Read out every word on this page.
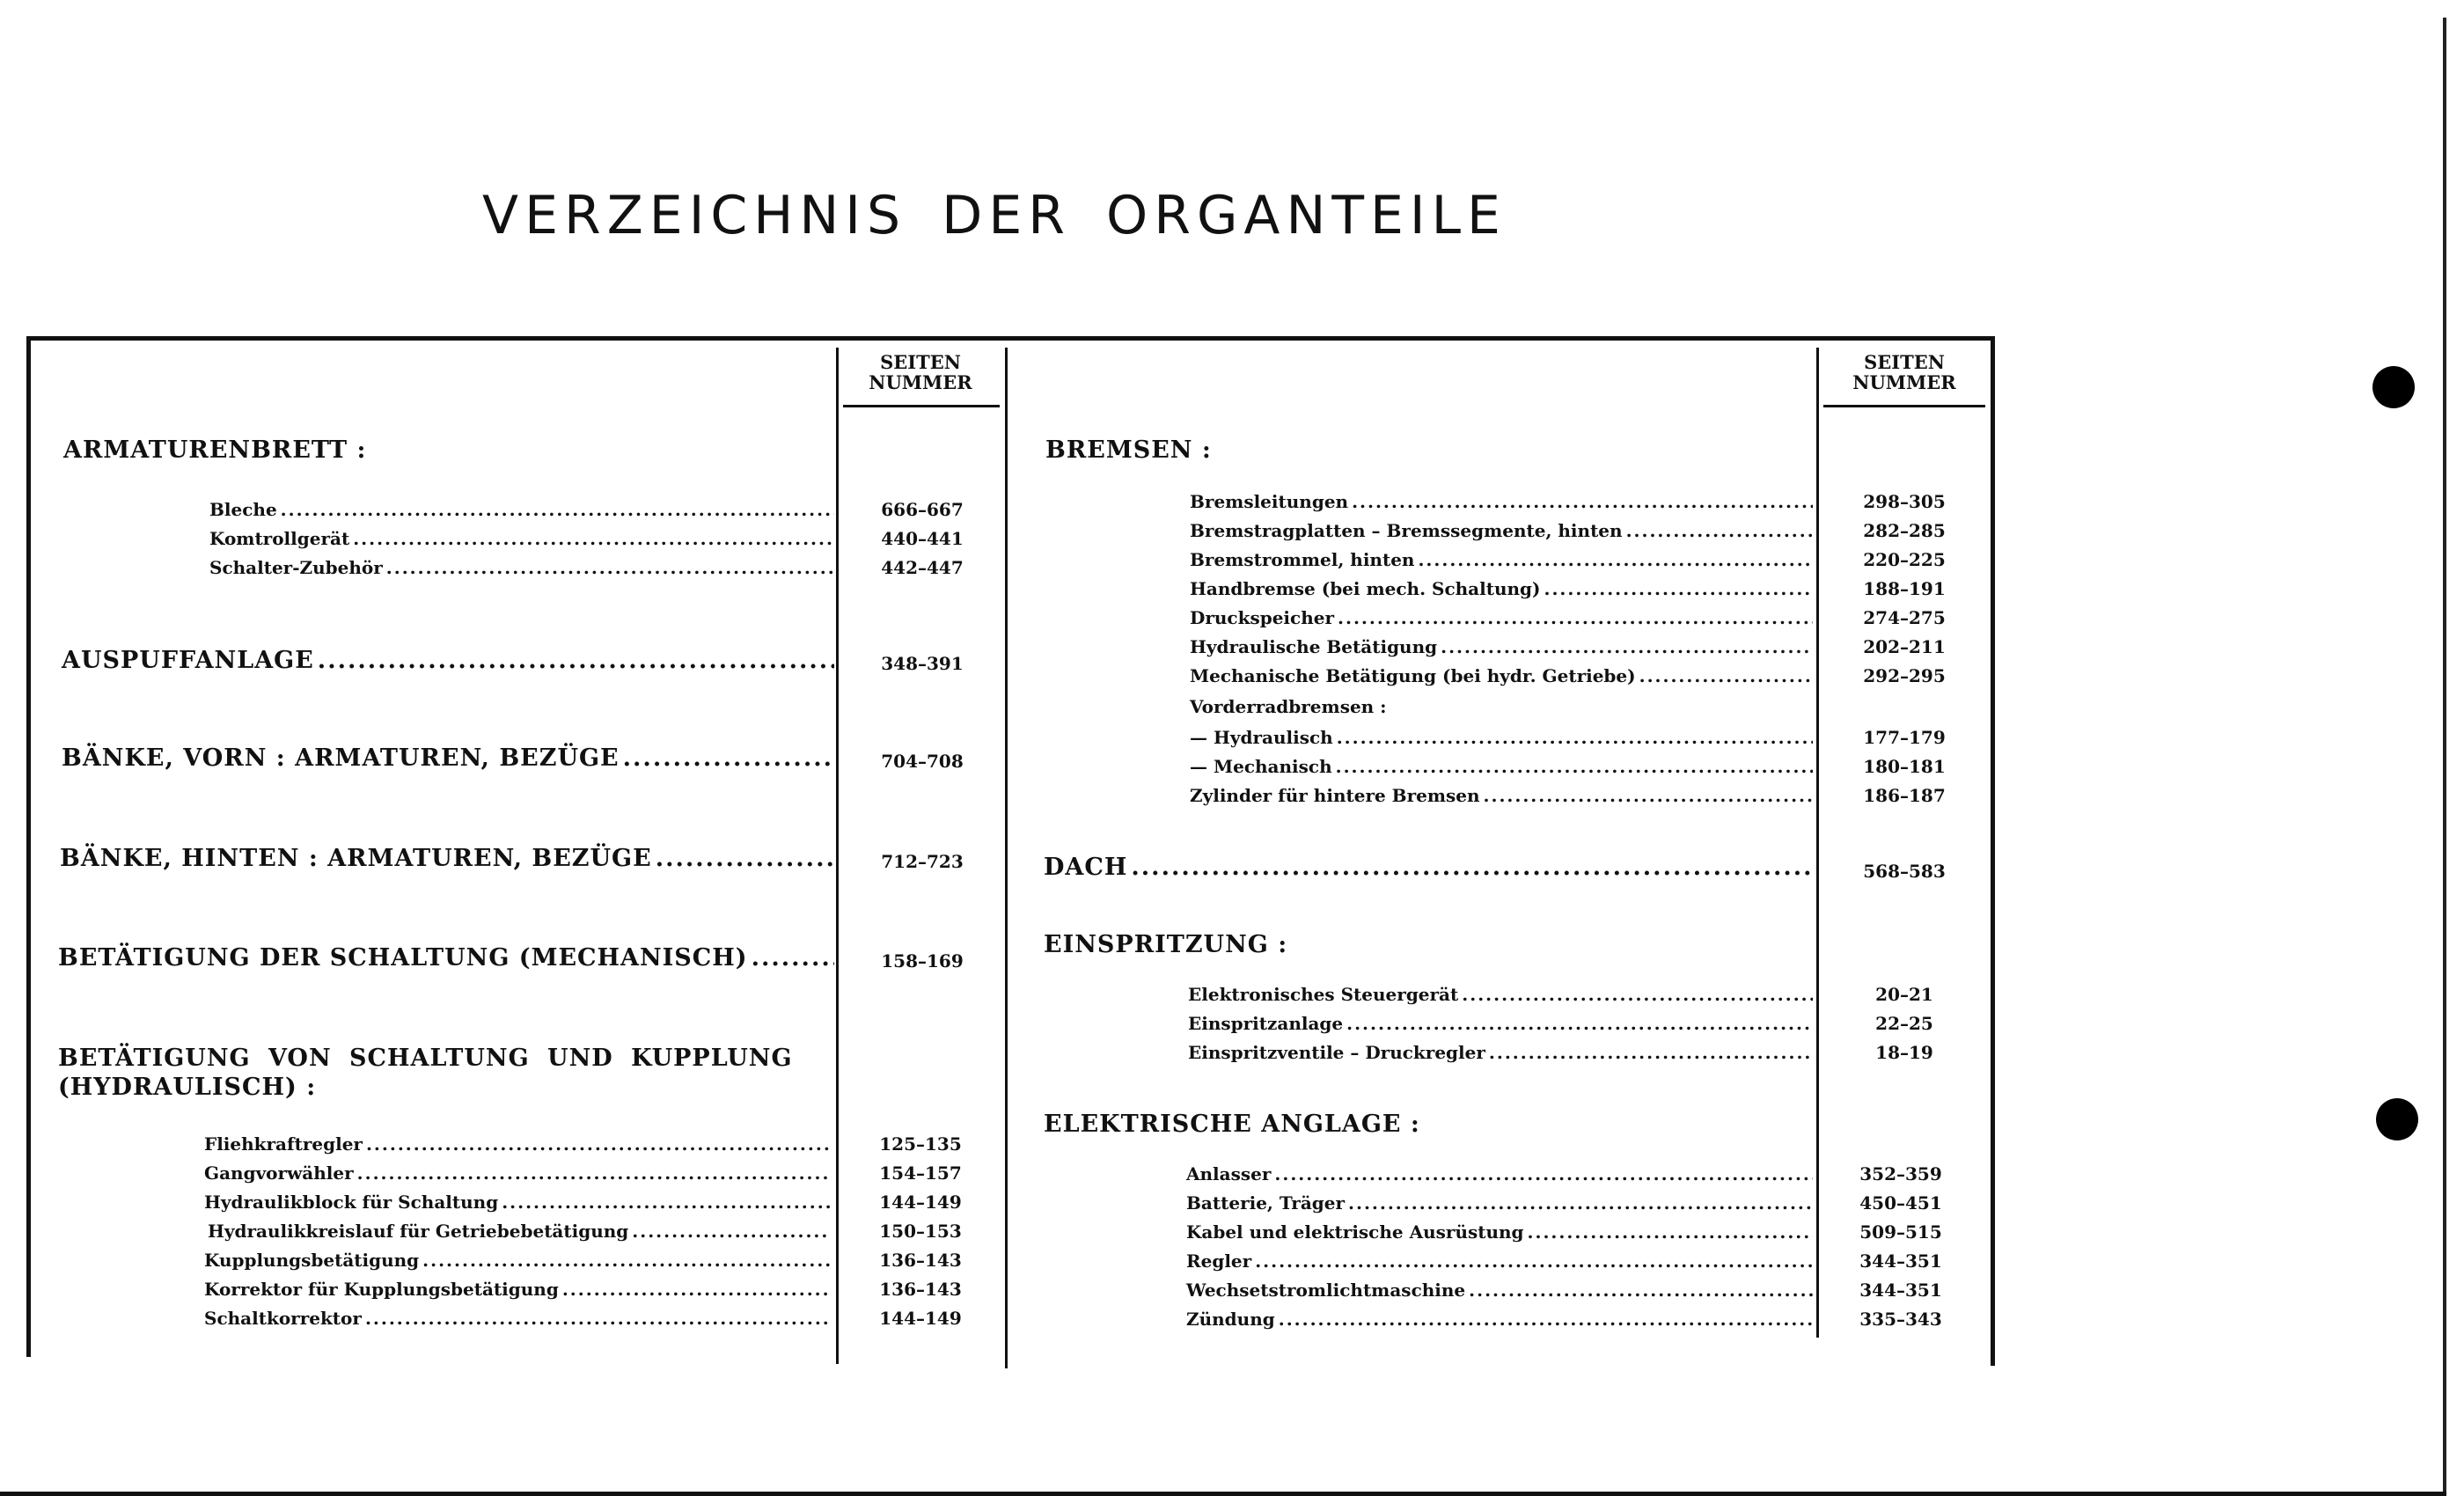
VERZEICHNIS DER ORGANTEILE
SEITEN
NUMMER
SEITEN
NUMMER
ARMATURENBRETT :
Bleche .....	666–667
Komtrollgerät .....	440–441
Schalter-Zubehör .....	442–447
AUSPUFFANLAGE .....	348–391
BÄNKE, VORN : ARMATUREN, BEZÜGE .....	704–708
BÄNKE, HINTEN : ARMATUREN, BEZÜGE .....	712–723
BETÄTIGUNG DER SCHALTUNG (MECHANISCH) .....	158–169
BETÄTIGUNG VON SCHALTUNG UND KUPPLUNG
(HYDRAULISCH) :
Fliehkraftregler .....	125–135
Gangvorwähler .....	154–157
Hydraulikblock für Schaltung .....	144–149
Hydraulikkreislauf für Getriebebetätigung .....	150–153
Kupplungsbetätigung .....	136–143
Korrektor für Kupplungsbetätigung .....	136–143
Schaltkorrektor .....	144–149
BREMSEN :
Bremsleitungen .....	298–305
Bremstragplatten – Bremssegmente, hinten .....	282–285
Bremstrommel, hinten .....	220–225
Handbremse (bei mech. Schaltung) .....	188–191
Druckspeicher .....	274–275
Hydraulische Betätigung .....	202–211
Mechanische Betätigung (bei hydr. Getriebe) .....	292–295
Vorderradbremsen :
— Hydraulisch .....	177–179
— Mechanisch .....	180–181
Zylinder für hintere Bremsen .....	186–187
DACH .....	568–583
EINSPRITZUNG :
Elektronisches Steuergerät .....	20–21
Einspritzanlage .....	22–25
Einspritzventile – Druckregler .....	18–19
ELEKTRISCHE ANGLAGE :
Anlasser .....	352–359
Batterie, Träger .....	450–451
Kabel und elektrische Ausrüstung .....	509–515
Regler .....	344–351
Wechsetstromlichtmaschine .....	344–351
Zündung .....	335–343
